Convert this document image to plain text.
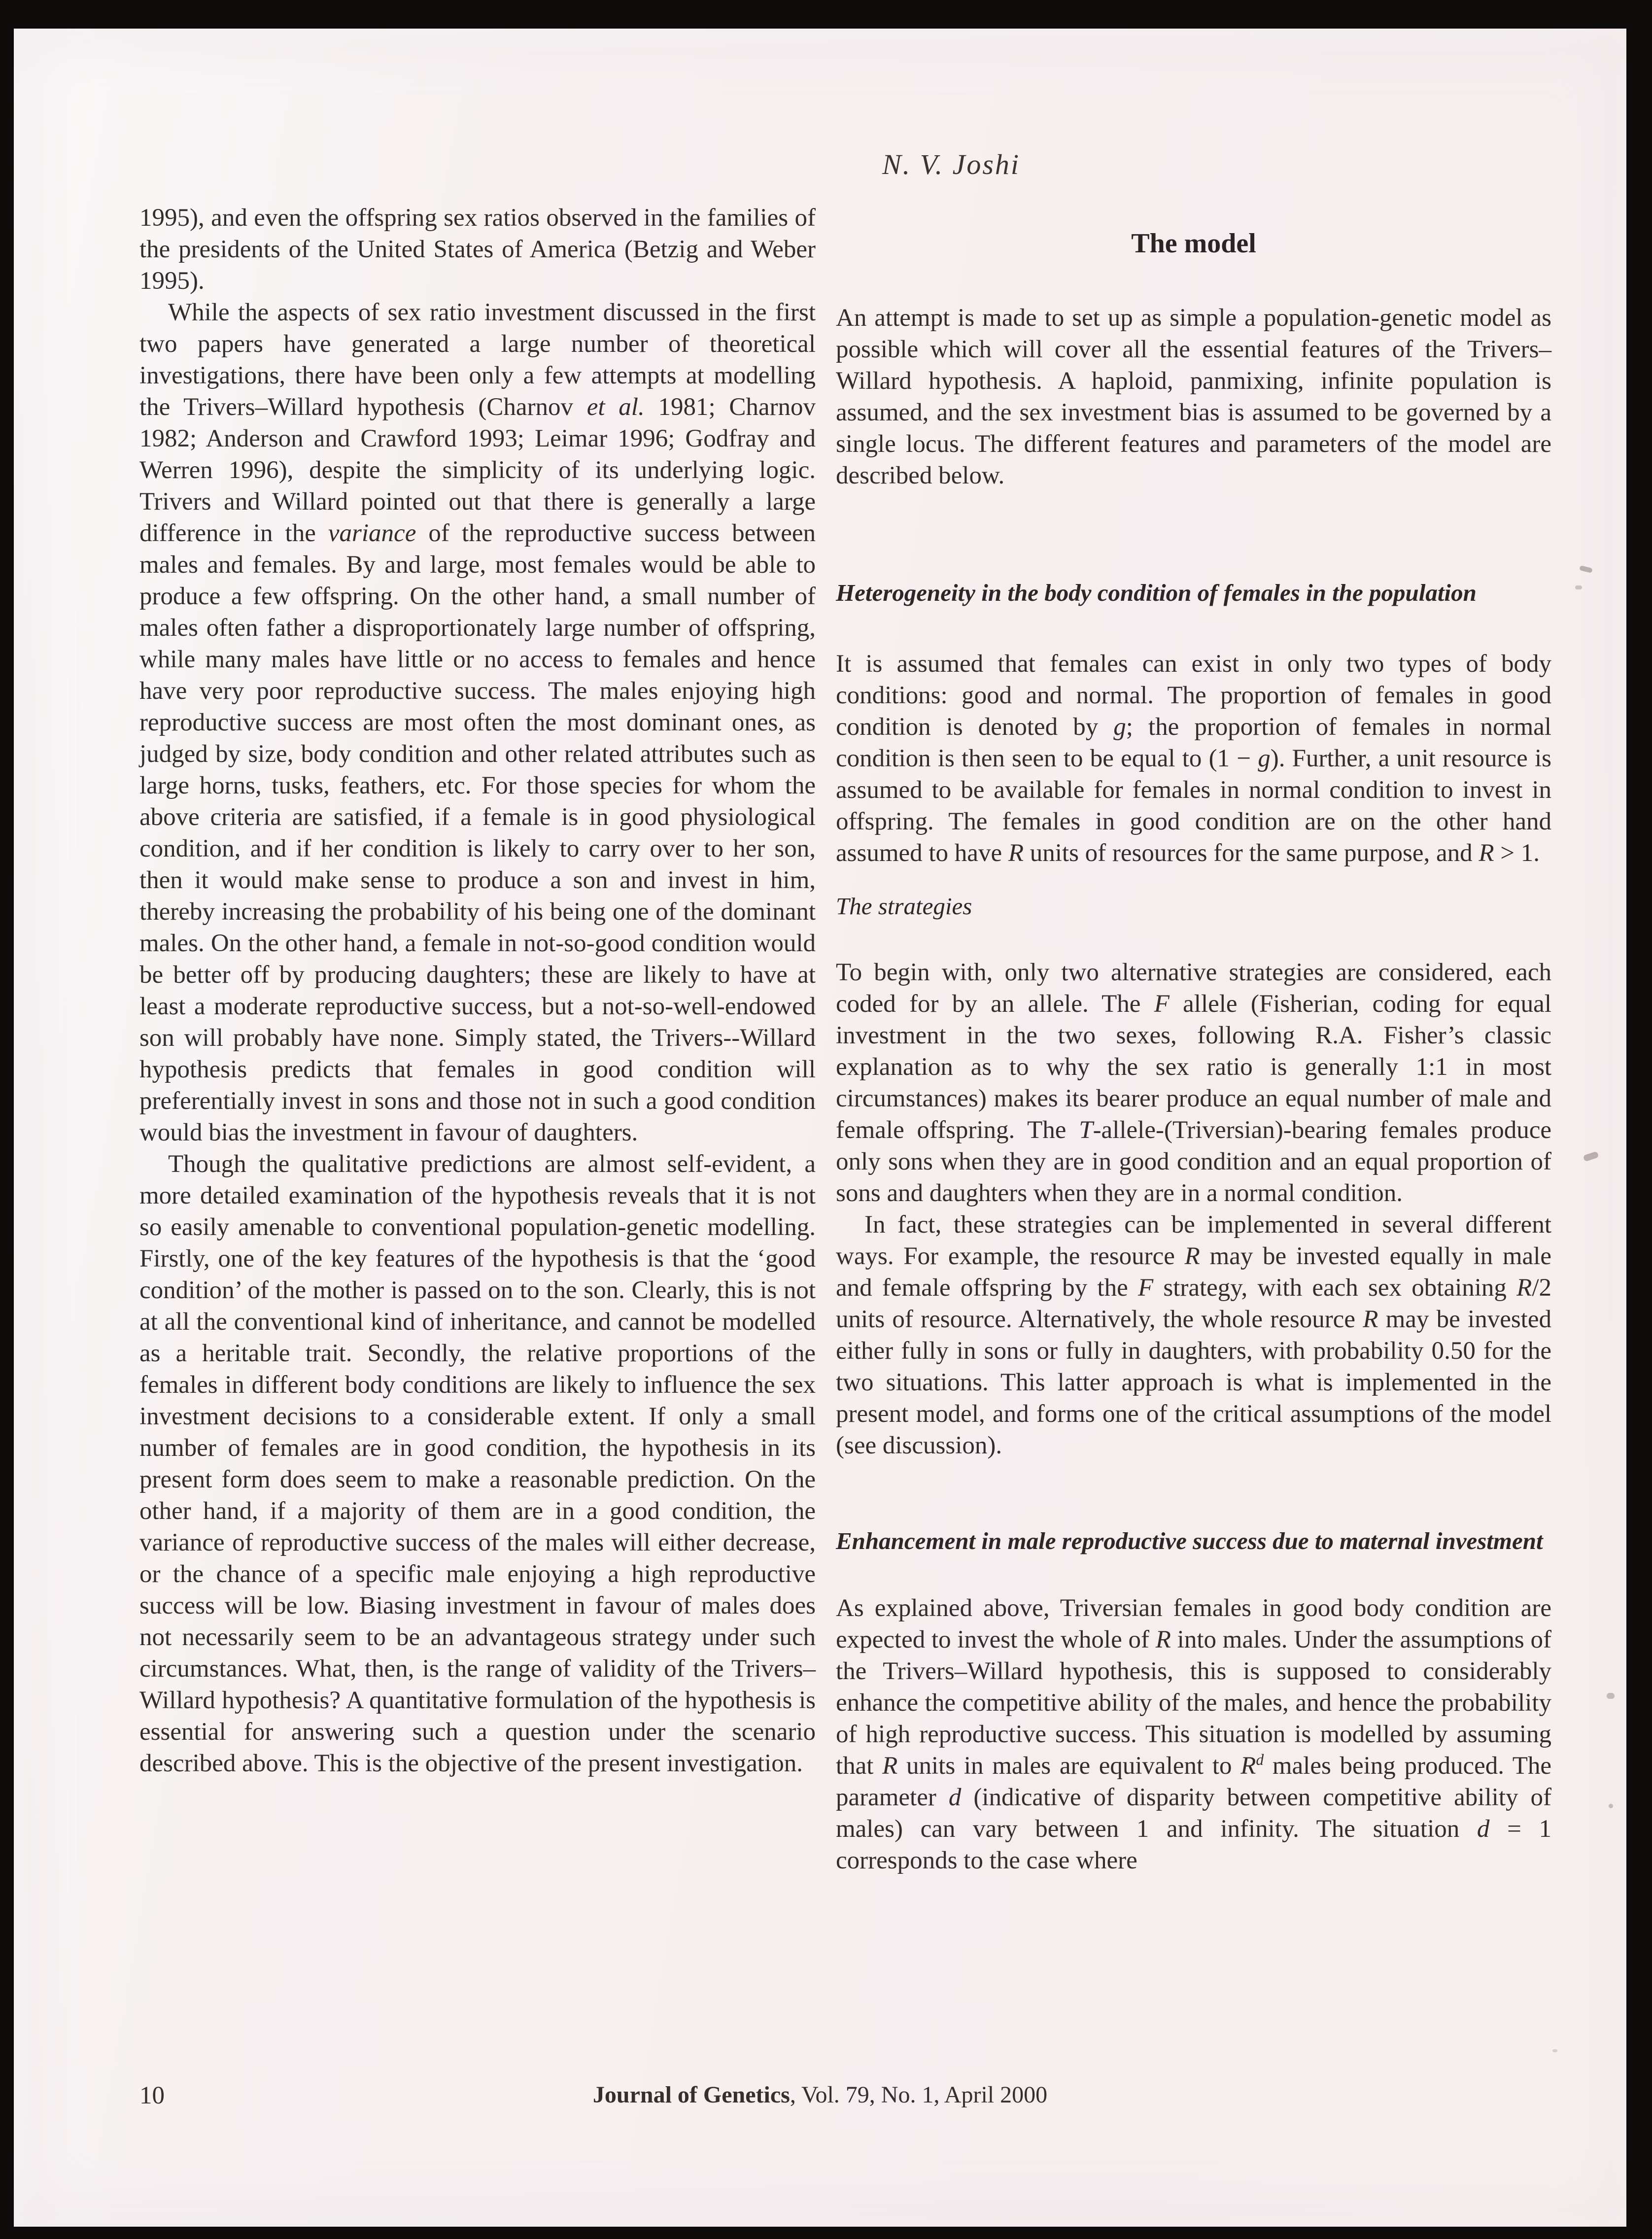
N. V. Joshi

1995), and even the offspring sex ratios observed in the families of the presidents of the United States of America (Betzig and Weber 1995).

While the aspects of sex ratio investment discussed in the first two papers have generated a large number of theoretical investigations, there have been only a few attempts at modelling the Trivers–Willard hypothesis (Charnov et al. 1981; Charnov 1982; Anderson and Crawford 1993; Leimar 1996; Godfray and Werren 1996), despite the simplicity of its underlying logic. Trivers and Willard pointed out that there is generally a large difference in the variance of the reproductive success between males and females. By and large, most females would be able to produce a few offspring. On the other hand, a small number of males often father a disproportionately large number of offspring, while many males have little or no access to females and hence have very poor reproductive success. The males enjoying high reproductive success are most often the most dominant ones, as judged by size, body condition and other related attributes such as large horns, tusks, feathers, etc. For those species for whom the above criteria are satisfied, if a female is in good physiological condition, and if her condition is likely to carry over to her son, then it would make sense to produce a son and invest in him, thereby increasing the probability of his being one of the dominant males. On the other hand, a female in not-so-good condition would be better off by producing daughters; these are likely to have at least a moderate reproductive success, but a not-so-well-endowed son will probably have none. Simply stated, the Trivers--Willard hypothesis predicts that females in good condition will preferentially invest in sons and those not in such a good condition would bias the investment in favour of daughters.

Though the qualitative predictions are almost self-evident, a more detailed examination of the hypothesis reveals that it is not so easily amenable to conventional population-genetic modelling. Firstly, one of the key features of the hypothesis is that the ‘good condition’ of the mother is passed on to the son. Clearly, this is not at all the conventional kind of inheritance, and cannot be modelled as a heritable trait. Secondly, the relative proportions of the females in different body conditions are likely to influence the sex investment decisions to a considerable extent. If only a small number of females are in good condition, the hypothesis in its present form does seem to make a reasonable prediction. On the other hand, if a majority of them are in a good condition, the variance of reproductive success of the males will either decrease, or the chance of a specific male enjoying a high reproductive success will be low. Biasing investment in favour of males does not necessarily seem to be an advantageous strategy under such circumstances. What, then, is the range of validity of the Trivers–Willard hypothesis? A quantitative formulation of the hypothesis is essential for answering such a question under the scenario described above. This is the objective of the present investigation.

The model

An attempt is made to set up as simple a population-genetic model as possible which will cover all the essential features of the Trivers–Willard hypothesis. A haploid, panmixing, infinite population is assumed, and the sex investment bias is assumed to be governed by a single locus. The different features and parameters of the model are described below.

Heterogeneity in the body condition of females in the population

It is assumed that females can exist in only two types of body conditions: good and normal. The proportion of females in good condition is denoted by g; the proportion of females in normal condition is then seen to be equal to (1 − g). Further, a unit resource is assumed to be available for females in normal condition to invest in offspring. The females in good condition are on the other hand assumed to have R units of resources for the same purpose, and R > 1.

The strategies

To begin with, only two alternative strategies are considered, each coded for by an allele. The F allele (Fisherian, coding for equal investment in the two sexes, following R.A. Fisher’s classic explanation as to why the sex ratio is generally 1:1 in most circumstances) makes its bearer produce an equal number of male and female offspring. The T-allele-(Triversian)-bearing females produce only sons when they are in good condition and an equal proportion of sons and daughters when they are in a normal condition.

In fact, these strategies can be implemented in several different ways. For example, the resource R may be invested equally in male and female offspring by the F strategy, with each sex obtaining R/2 units of resource. Alternatively, the whole resource R may be invested either fully in sons or fully in daughters, with probability 0.50 for the two situations. This latter approach is what is implemented in the present model, and forms one of the critical assumptions of the model (see discussion).

Enhancement in male reproductive success due to maternal investment

As explained above, Triversian females in good body condition are expected to invest the whole of R into males. Under the assumptions of the Trivers–Willard hypothesis, this is supposed to considerably enhance the competitive ability of the males, and hence the probability of high reproductive success. This situation is modelled by assuming that R units in males are equivalent to $R^d$ males being produced. The parameter d (indicative of disparity between competitive ability of males) can vary between 1 and infinity. The situation d = 1 corresponds to the case where

10	Journal of Genetics, Vol. 79, No. 1, April 2000
